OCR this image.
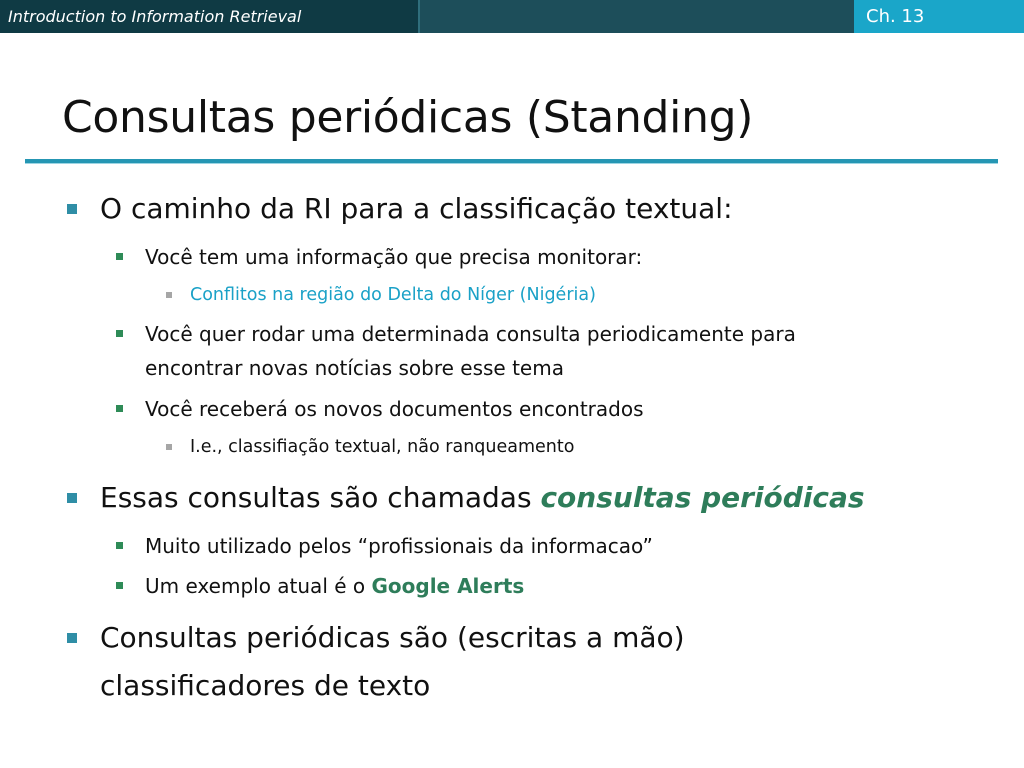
Introduction to Information Retrieval	Ch. 13
Consultas periódicas (Standing)
O caminho da RI para a classificação textual:
Você tem uma informação que precisa monitorar:
Conflitos na região do Delta do Níger (Nigéria)
Você quer rodar uma determinada consulta periodicamente para
encontrar novas notícias sobre esse tema
Você receberá os novos documentos encontrados
I.e., classifiação textual, não ranqueamento
Essas consultas são chamadas consultas periódicas
Muito utilizado pelos “profissionais da informacao”
Um exemplo atual é o Google Alerts
Consultas periódicas são (escritas a mão)
classificadores de texto
